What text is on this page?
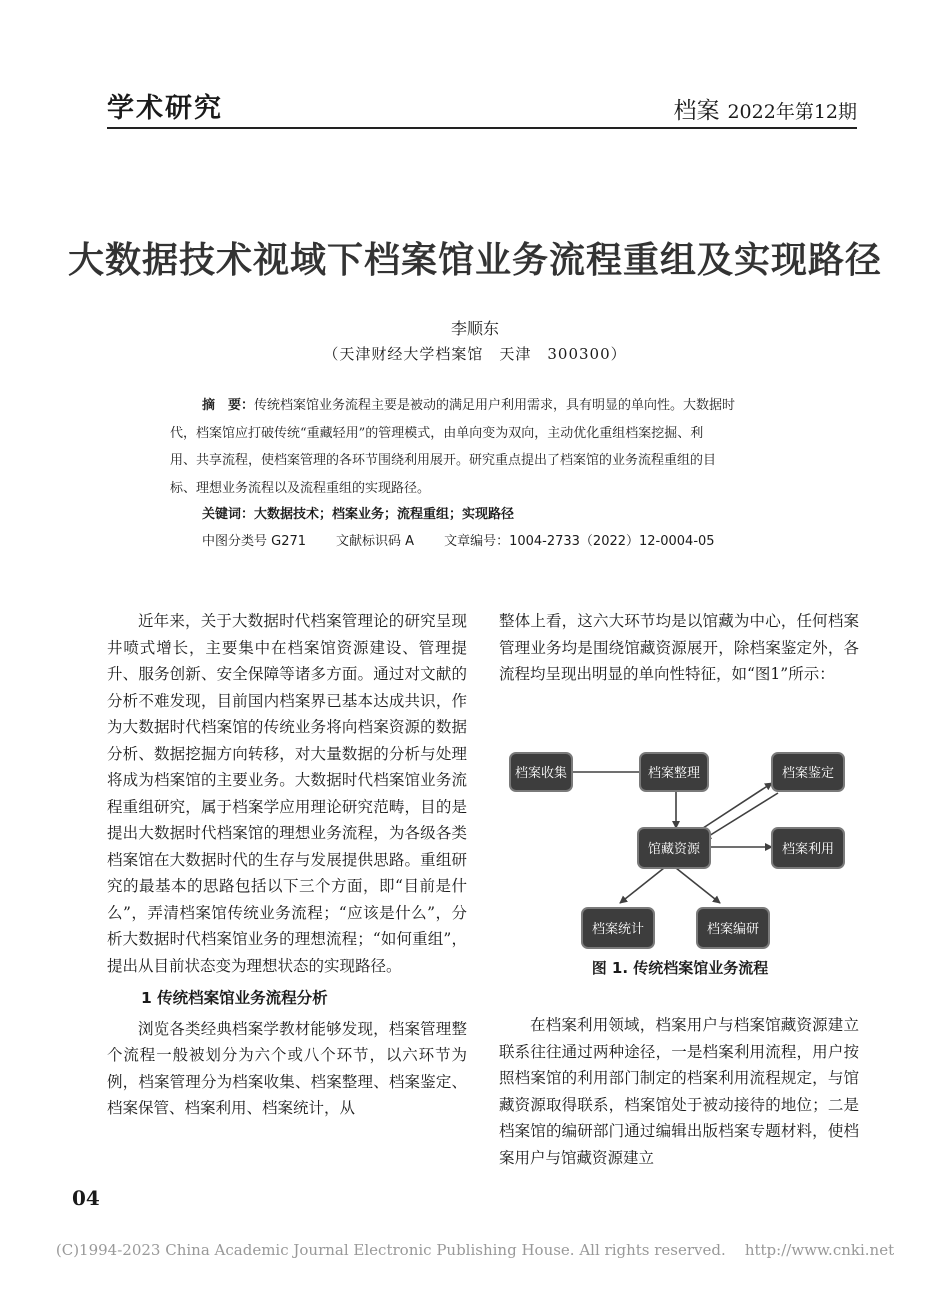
学术研究	档案 2022年第12期
大数据技术视域下档案馆业务流程重组及实现路径
李顺东
（天津财经大学档案馆　天津　300300）
摘　要：传统档案馆业务流程主要是被动的满足用户利用需求，具有明显的单向性。大数据时
代，档案馆应打破传统“重藏轻用”的管理模式，由单向变为双向，主动优化重组档案挖掘、利
用、共享流程，使档案管理的各环节围绕利用展开。研究重点提出了档案馆的业务流程重组的目
标、理想业务流程以及流程重组的实现路径。
关键词：大数据技术；档案业务；流程重组；实现路径
中图分类号 G271 文献标识码 A 文章编号：1004-2733（2022）12-0004-05

近年来，关于大数据时代档案管理论的研究呈现井喷式增长，主要集中在档案馆资源建设、管理提升、服务创新、安全保障等诸多方面。通过对文献的分析不难发现，目前国内档案界已基本达成共识，作为大数据时代档案馆的传统业务将向档案资源的数据分析、数据挖掘方向转移，对大量数据的分析与处理将成为档案馆的主要业务。大数据时代档案馆业务流程重组研究，属于档案学应用理论研究范畴，目的是提出大数据时代档案馆的理想业务流程，为各级各类档案馆在大数据时代的生存与发展提供思路。重组研究的最基本的思路包括以下三个方面，即“目前是什么”，弄清档案馆传统业务流程；“应该是什么”，分析大数据时代档案馆业务的理想流程；“如何重组”，提出从目前状态变为理想状态的实现路径。

1 传统档案馆业务流程分析

浏览各类经典档案学教材能够发现，档案管理整个流程一般被划分为六个或八个环节，以六环节为例，档案管理分为档案收集、档案整理、档案鉴定、档案保管、档案利用、档案统计，从

整体上看，这六大环节均是以馆藏为中心，任何档案管理业务均是围绕馆藏资源展开，除档案鉴定外，各流程均呈现出明显的单向性特征，如“图1”所示：

档案收集	档案整理	档案鉴定
馆藏资源	档案利用
档案统计	档案编研
图 1. 传统档案馆业务流程

在档案利用领域，档案用户与档案馆藏资源建立联系往往通过两种途径，一是档案利用流程，用户按照档案馆的利用部门制定的档案利用流程规定，与馆藏资源取得联系，档案馆处于被动接待的地位；二是档案馆的编研部门通过编辑出版档案专题材料，使档案用户与馆藏资源建立

04
(C)1994-2023 China Academic Journal Electronic Publishing House. All rights reserved.    http://www.cnki.net
